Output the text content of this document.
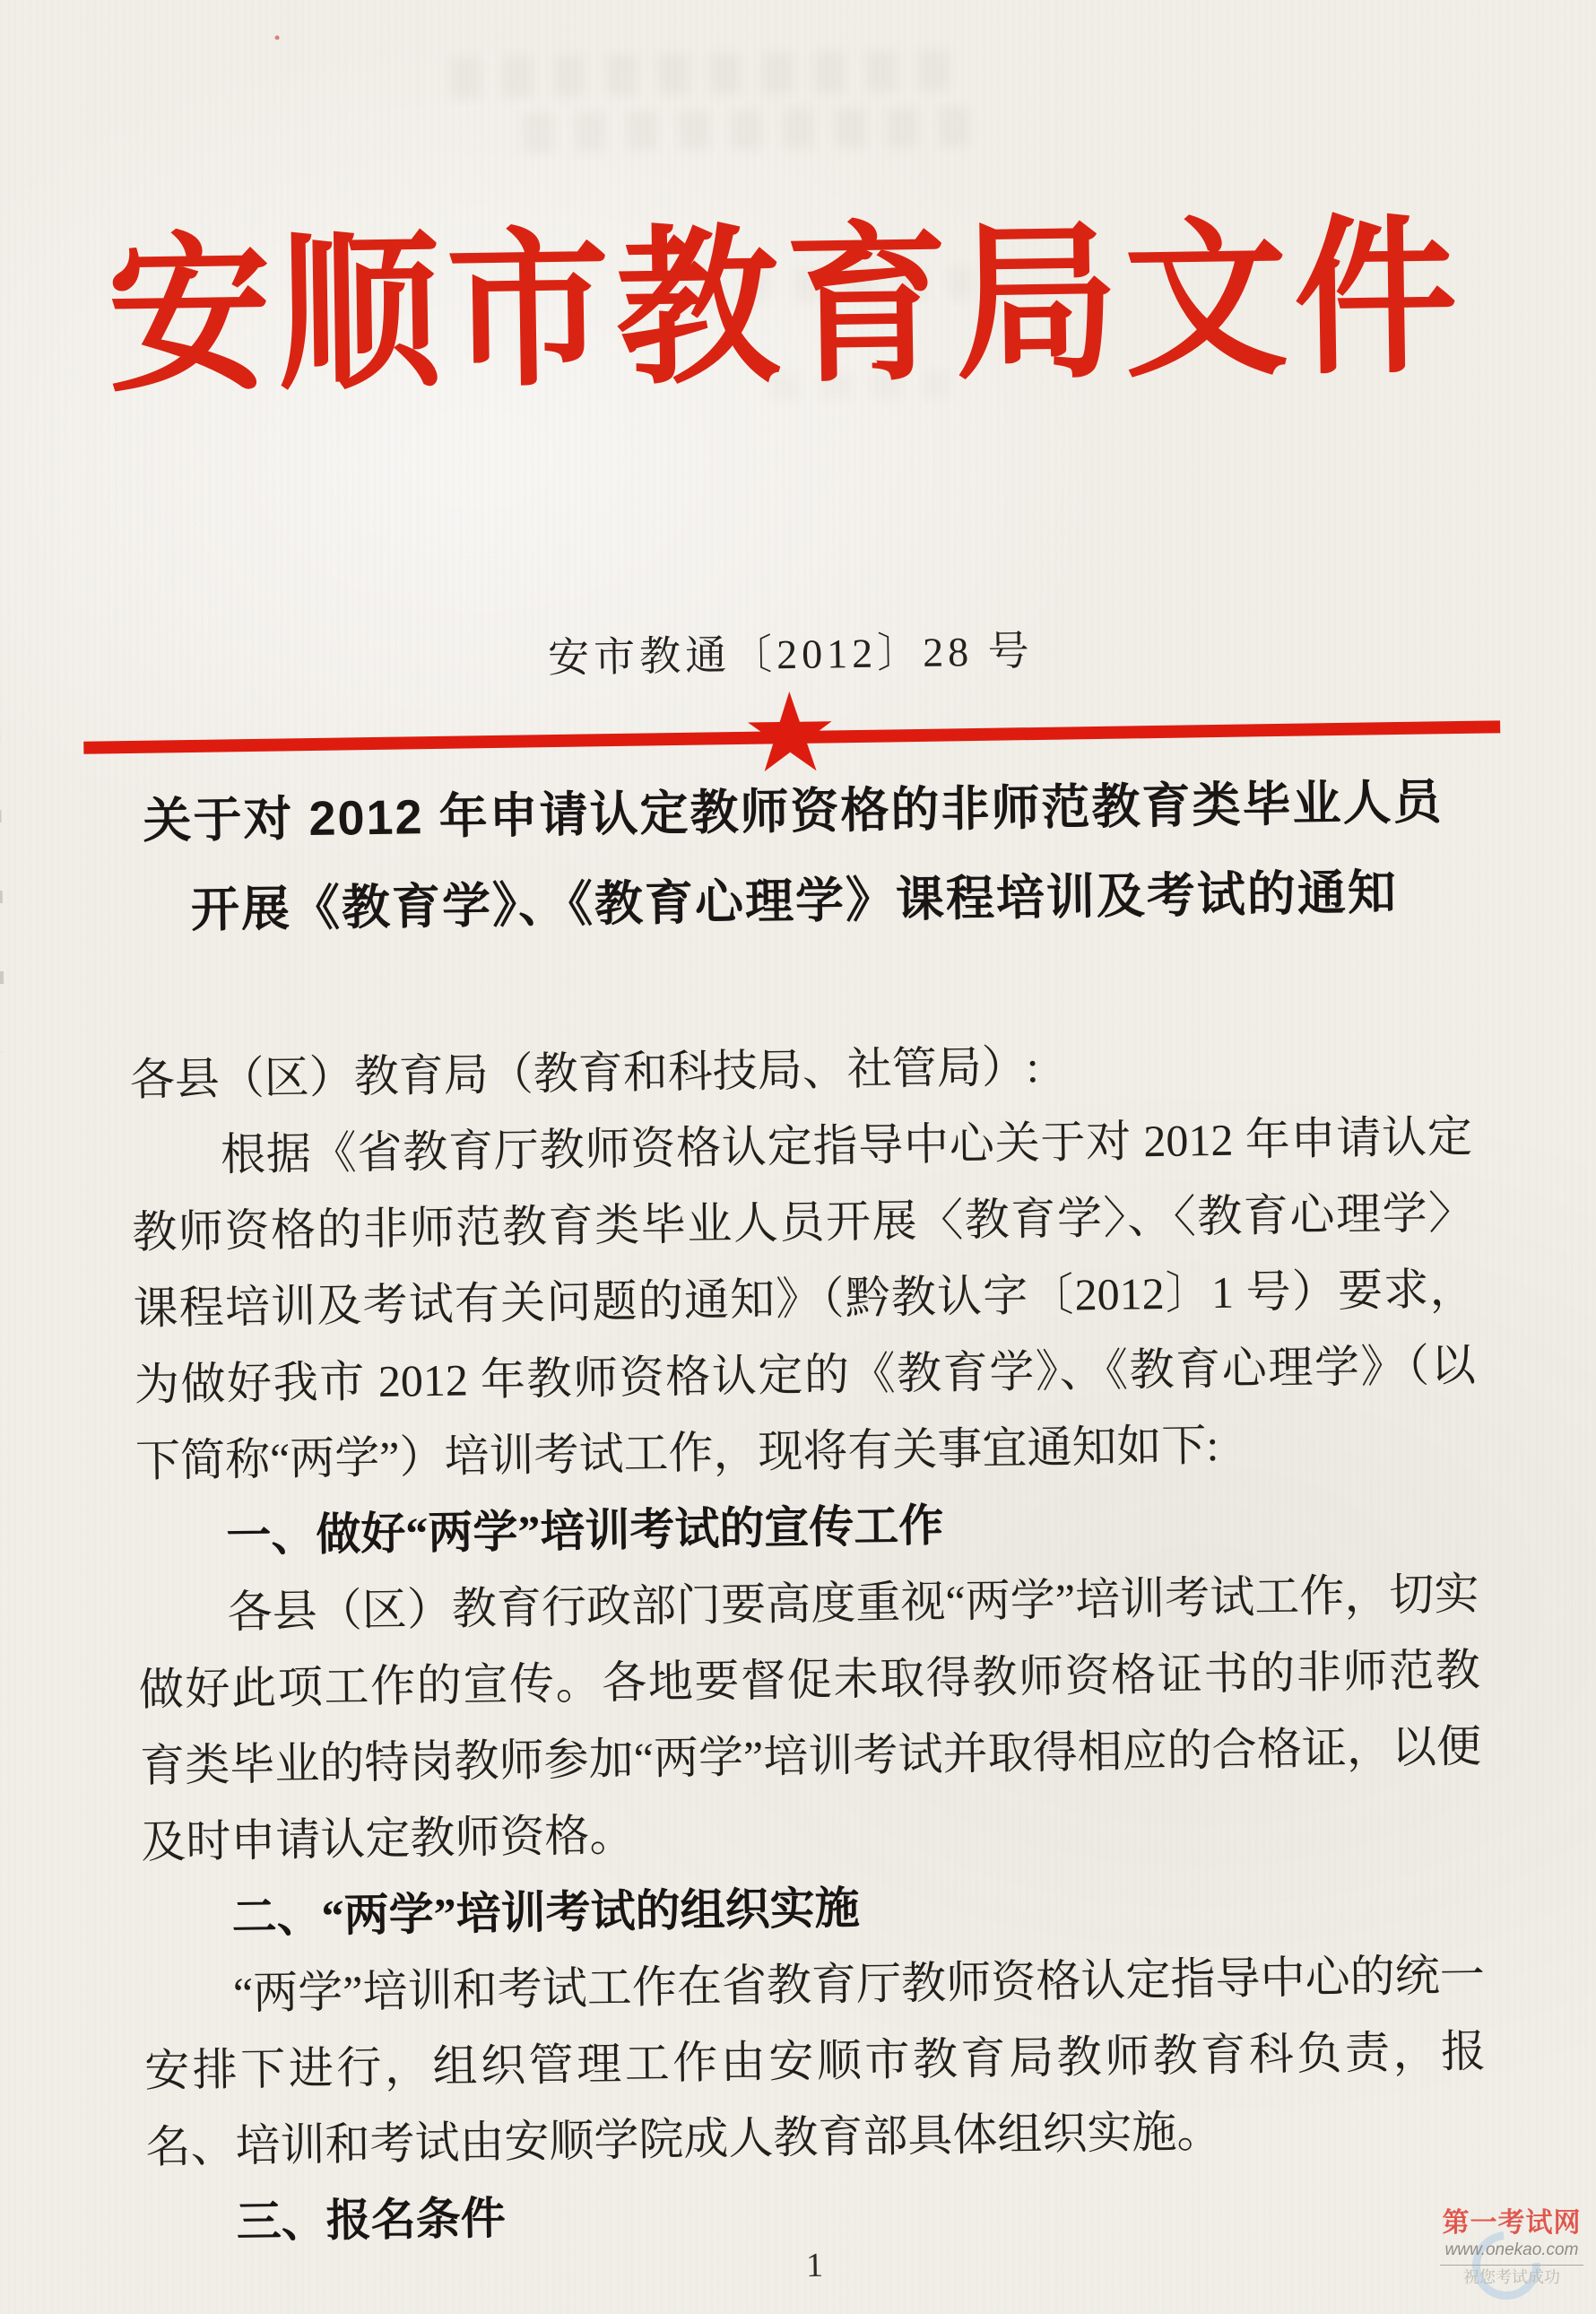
安顺市教育局文件
安市教通〔2012〕28 号
★
关于对 2012 年申请认定教师资格的非师范教育类毕业人员
开展《教育学》、《教育心理学》课程培训及考试的通知

各县（区）教育局（教育和科技局、社管局）:

根据《省教育厅教师资格认定指导中心关于对 2012 年申请认定教师资格的非师范教育类毕业人员开展〈教育学〉、〈教育心理学〉课程培训及考试有关问题的通知》（黔教认字〔2012〕1 号）要求，为做好我市 2012 年教师资格认定的《教育学》、《教育心理学》（以下简称“两学”）培训考试工作，现将有关事宜通知如下:

一、做好“两学”培训考试的宣传工作

各县（区）教育行政部门要高度重视“两学”培训考试工作，切实做好此项工作的宣传。各地要督促未取得教师资格证书的非师范教育类毕业的特岗教师参加“两学”培训考试并取得相应的合格证，以便及时申请认定教师资格。

二、“两学”培训考试的组织实施

“两学”培训和考试工作在省教育厅教师资格认定指导中心的统一安排下进行，组织管理工作由安顺市教育局教师教育科负责，报名、培训和考试由安顺学院成人教育部具体组织实施。

三、报名条件

1
第一考试网
www.onekao.com
祝您考试成功
